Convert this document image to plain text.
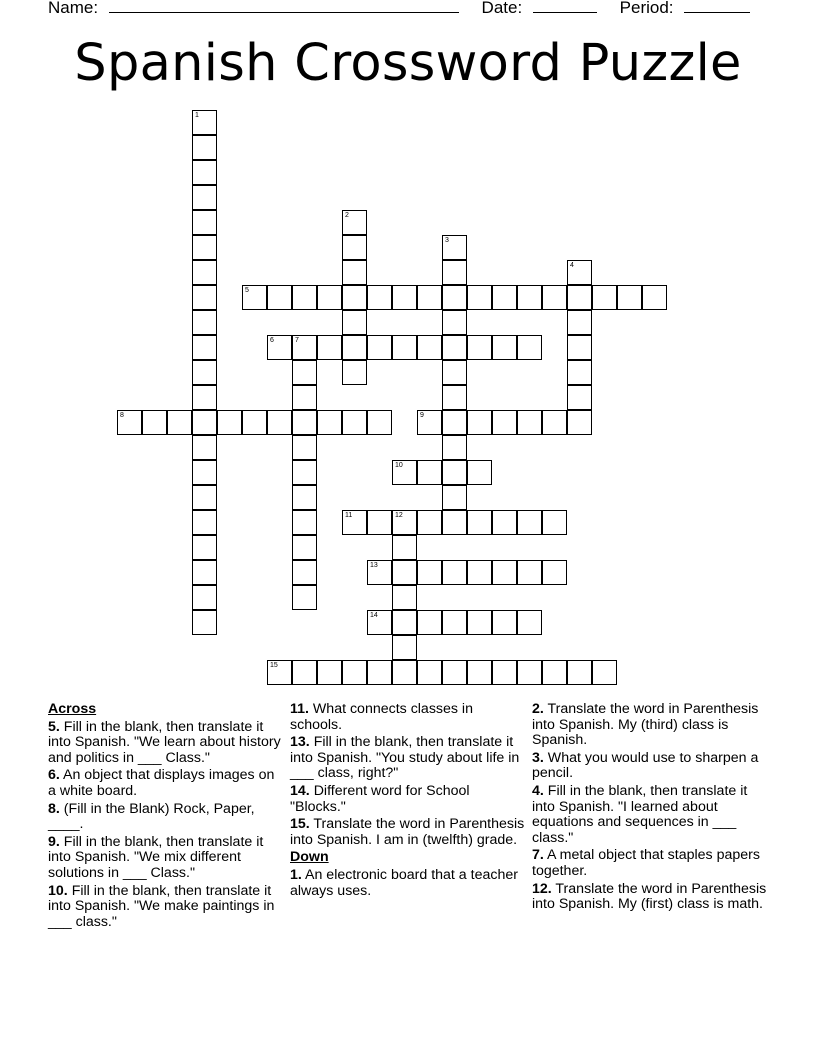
Name:	Date:	Period:
Spanish Crossword Puzzle
1
2
3
4
5
6	7
8	9
10
11	12
13
14
15
Across

5. Fill in the blank, then translate it into Spanish. "We learn about history and politics in ___ Class."

6. An object that displays images on a white board.

8. (Fill in the Blank) Rock, Paper, ____.

9. Fill in the blank, then translate it into Spanish. "We mix different solutions in ___ Class."

10. Fill in the blank, then translate it into Spanish. "We make paintings in ___ class."

11. What connects classes in schools.

13. Fill in the blank, then translate it into Spanish. "You study about life in ___ class, right?"

14. Different word for School "Blocks."

15. Translate the word in Parenthesis into Spanish. I am in (twelfth) grade.

Down

1. An electronic board that a teacher always uses.

2. Translate the word in Parenthesis into Spanish. My (third) class is Spanish.

3. What you would use to sharpen a pencil.

4. Fill in the blank, then translate it into Spanish. "I learned about equations and sequences in ___ class."

7. A metal object that staples papers together.

12. Translate the word in Parenthesis into Spanish. My (first) class is math.
